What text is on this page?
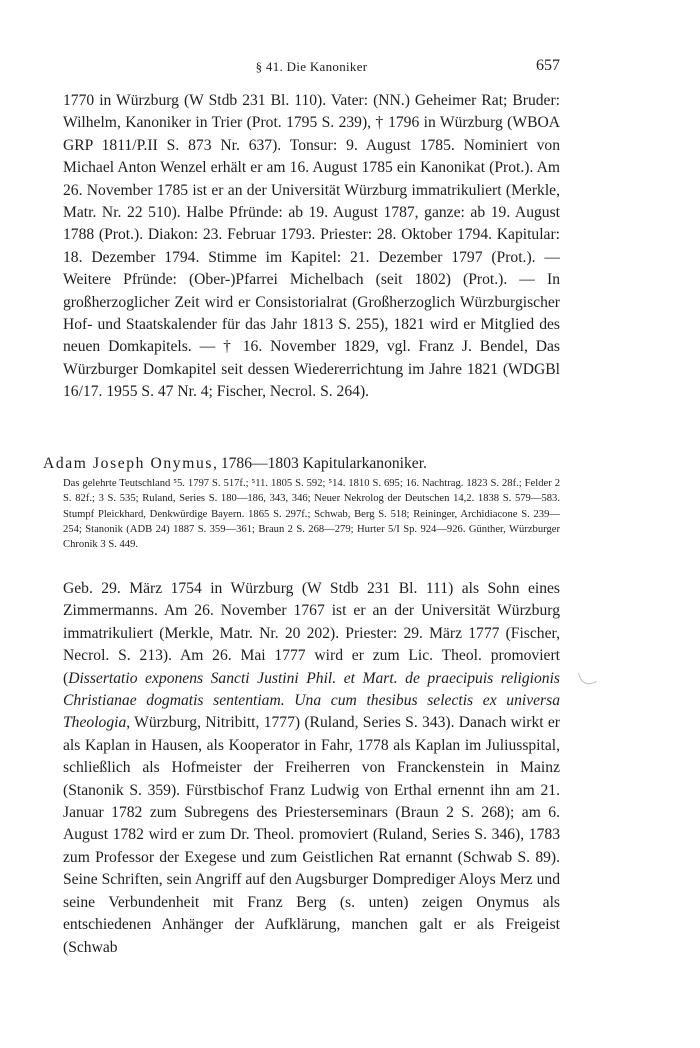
§ 41. Die Kanoniker	657

1770 in Würzburg (W Stdb 231 Bl. 110). Vater: (NN.) Geheimer Rat; Bruder: Wilhelm, Kanoniker in Trier (Prot. 1795 S. 239), † 1796 in Würzburg (WBOA GRP 1811/P.II S. 873 Nr. 637). Tonsur: 9. August 1785. Nominiert von Michael Anton Wenzel erhält er am 16. August 1785 ein Kanonikat (Prot.). Am 26. November 1785 ist er an der Universität Würzburg immatrikuliert (Merkle, Matr. Nr. 22 510). Halbe Pfründe: ab 19. August 1787, ganze: ab 19. August 1788 (Prot.). Diakon: 23. Februar 1793. Priester: 28. Oktober 1794. Kapitular: 18. Dezember 1794. Stimme im Kapitel: 21. Dezember 1797 (Prot.). — Weitere Pfründe: (Ober-)Pfarrei Michelbach (seit 1802) (Prot.). — In großherzoglicher Zeit wird er Consistorialrat (Großherzoglich Würzburgischer Hof- und Staatskalender für das Jahr 1813 S. 255), 1821 wird er Mitglied des neuen Domkapitels. — † 16. November 1829, vgl. Franz J. Bendel, Das Würzburger Domkapitel seit dessen Wiedererrichtung im Jahre 1821 (WDGBl 16/17. 1955 S. 47 Nr. 4; Fischer, Necrol. S. 264).

Adam Joseph Onymus, 1786—1803 Kapitularkanoniker.

Das gelehrte Teutschland ⁵5. 1797 S. 517f.; ⁵11. 1805 S. 592; ⁵14. 1810 S. 695; 16. Nachtrag. 1823 S. 28f.; Felder 2 S. 82f.; 3 S. 535; Ruland, Series S. 180—186, 343, 346; Neuer Nekrolog der Deutschen 14,2. 1838 S. 579—583. Stumpf Pleickhard, Denkwürdige Bayern. 1865 S. 297f.; Schwab, Berg S. 518; Reininger, Archidiacone S. 239—254; Stanonik (ADB 24) 1887 S. 359—361; Braun 2 S. 268—279; Hurter 5/I Sp. 924—926. Günther, Würzburger Chronik 3 S. 449.

Geb. 29. März 1754 in Würzburg (W Stdb 231 Bl. 111) als Sohn eines Zimmermanns. Am 26. November 1767 ist er an der Universität Würzburg immatrikuliert (Merkle, Matr. Nr. 20 202). Priester: 29. März 1777 (Fischer, Necrol. S. 213). Am 26. Mai 1777 wird er zum Lic. Theol. promoviert (Dissertatio exponens Sancti Justini Phil. et Mart. de praecipuis religionis Christianae dogmatis sententiam. Una cum thesibus selectis ex universa Theologia, Würzburg, Nitribitt, 1777) (Ruland, Series S. 343). Danach wirkt er als Kaplan in Hausen, als Kooperator in Fahr, 1778 als Kaplan im Juliusspital, schließlich als Hofmeister der Freiherren von Franckenstein in Mainz (Stanonik S. 359). Fürstbischof Franz Ludwig von Erthal ernennt ihn am 21. Januar 1782 zum Subregens des Priesterseminars (Braun 2 S. 268); am 6. August 1782 wird er zum Dr. Theol. promoviert (Ruland, Series S. 346), 1783 zum Professor der Exegese und zum Geistlichen Rat ernannt (Schwab S. 89). Seine Schriften, sein Angriff auf den Augsburger Domprediger Aloys Merz und seine Verbundenheit mit Franz Berg (s. unten) zeigen Onymus als entschiedenen Anhänger der Aufklärung, manchen galt er als Freigeist (Schwab
